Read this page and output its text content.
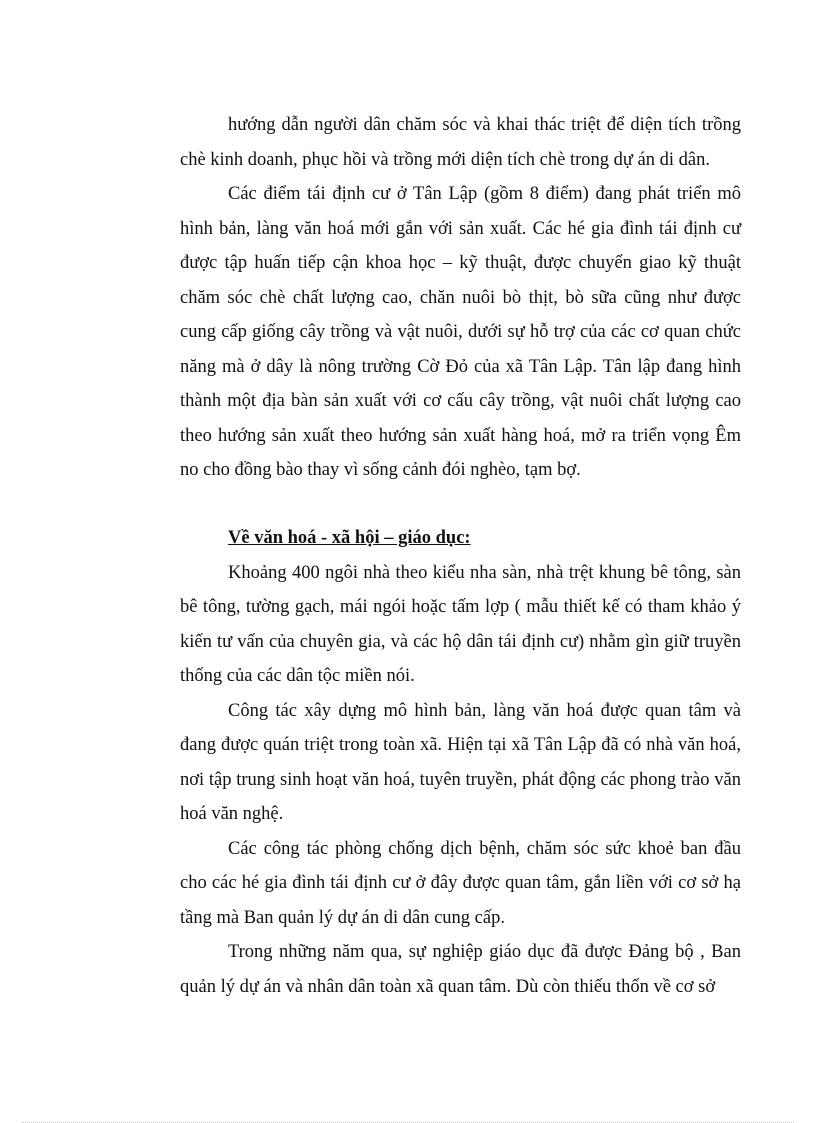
hướng dẫn người dân chăm sóc và khai thác triệt để diện tích trồng chè kinh doanh, phục hồi và trồng mới diện tích chè trong dự án di dân.

Các điểm tái định cư ở Tân Lập (gồm 8 điểm) đang phát triển mô hình bản, làng văn hoá mới gắn với sản xuất. Các hé gia đình tái định cư được tập huấn tiếp cận khoa học – kỹ thuật, được chuyển giao kỹ thuật chăm sóc chè chất lượng cao, chăn nuôi bò thịt, bò sữa cũng như được cung cấp giống cây trồng và vật nuôi, dưới sự hỗ trợ của các cơ quan chức năng mà ở dây là nông trường Cờ Đỏ của xã Tân Lập. Tân lập đang hình thành một địa bàn sản xuất với cơ cấu cây trồng, vật nuôi chất lượng cao theo hướng sản xuất theo hướng sản xuất hàng hoá, mở ra triển vọng Êm no cho đồng bào thay vì sống cảnh đói nghèo, tạm bợ.

Về văn hoá - xã hội – giáo dục:

Khoảng 400 ngôi nhà theo kiểu nha sàn, nhà trệt khung bê tông, sàn bê tông, tường gạch, mái ngói hoặc tấm lợp ( mẫu thiết kế có tham khảo ý kiến tư vấn của chuyên gia, và các hộ dân tái định cư) nhằm gìn giữ truyền thống của các dân tộc miền nói.

Công tác xây dựng mô hình bản, làng văn hoá được quan tâm và đang được quán triệt trong toàn xã. Hiện tại xã Tân Lập đã có nhà văn hoá, nơi tập trung sinh hoạt văn hoá, tuyên truyền, phát động các phong trào văn hoá văn nghệ.

Các công tác phòng chống dịch bệnh, chăm sóc sức khoẻ ban đầu cho các hé gia đình tái định cư ở đây được quan tâm, gắn liền với cơ sở hạ tầng mà Ban quản lý dự án di dân cung cấp.

Trong những năm qua, sự nghiệp giáo dục đã được Đảng bộ , Ban quản lý dự án và nhân dân toàn xã quan tâm. Dù còn thiếu thốn về cơ sở
